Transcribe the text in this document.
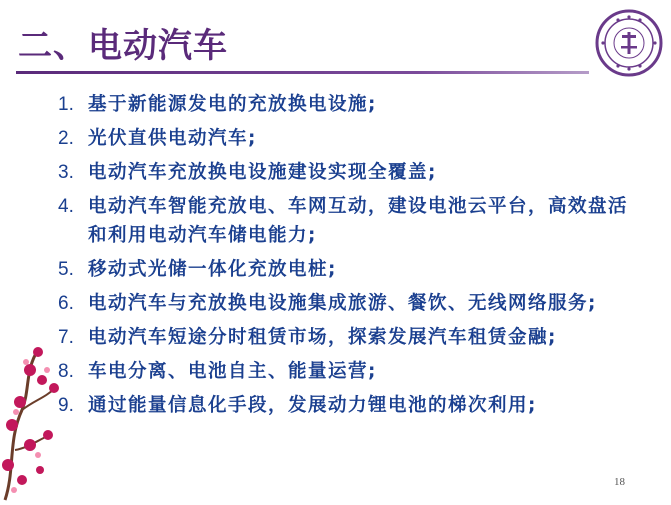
二、电动汽车
1. 基于新能源发电的充放换电设施;
2. 光伏直供电动汽车;
3. 电动汽车充放换电设施建设实现全覆盖;
4. 电动汽车智能充放电、车网互动，建设电池云平台，高效盘活和利用电动汽车储电能力;
5. 移动式光储一体化充放电桩;
6. 电动汽车与充放换电设施集成旅游、餐饮、无线网络服务;
7. 电动汽车短途分时租赁市场，探索发展汽车租赁金融;
8. 车电分离、电池自主、能量运营;
9. 通过能量信息化手段，发展动力锂电池的梯次利用;
18
